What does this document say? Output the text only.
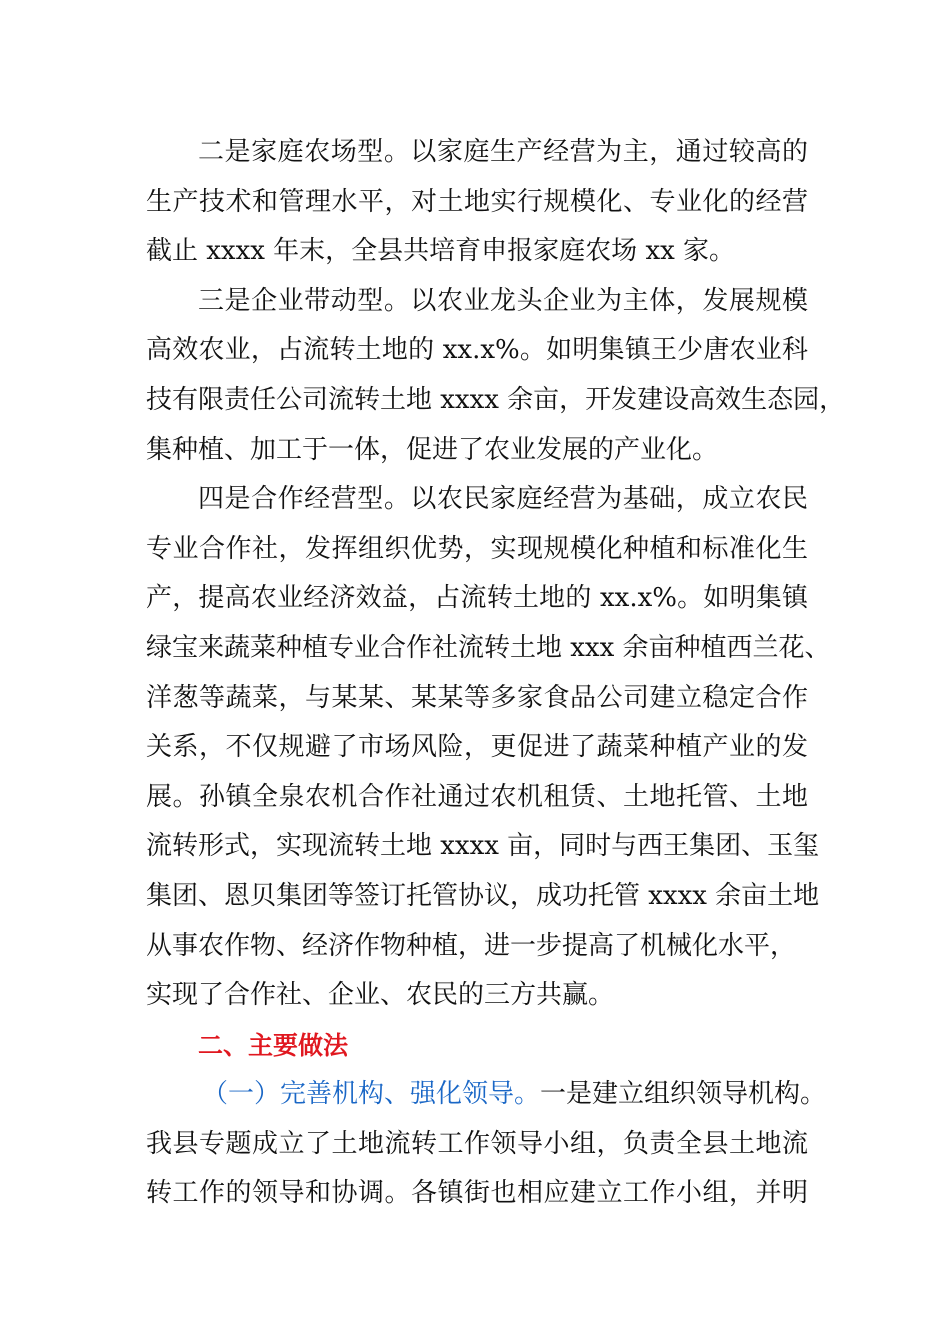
二是家庭农场型。以家庭生产经营为主，通过较高的
生产技术和管理水平，对土地实行规模化、专业化的经营
截止 xxxx 年末，全县共培育申报家庭农场 xx 家。
三是企业带动型。以农业龙头企业为主体，发展规模
高效农业，占流转土地的 xx.x%。如明集镇王少唐农业科
技有限责任公司流转土地 xxxx 余亩，开发建设高效生态园，
集种植、加工于一体，促进了农业发展的产业化。
四是合作经营型。以农民家庭经营为基础，成立农民
专业合作社，发挥组织优势，实现规模化种植和标准化生
产，提高农业经济效益，占流转土地的 xx.x%。如明集镇
绿宝来蔬菜种植专业合作社流转土地 xxx 余亩种植西兰花、
洋葱等蔬菜，与某某、某某等多家食品公司建立稳定合作
关系，不仅规避了市场风险，更促进了蔬菜种植产业的发
展。孙镇全泉农机合作社通过农机租赁、土地托管、土地
流转形式，实现流转土地 xxxx 亩，同时与西王集团、玉玺
集团、恩贝集团等签订托管协议，成功托管 xxxx 余亩土地
从事农作物、经济作物种植，进一步提高了机械化水平，
实现了合作社、企业、农民的三方共赢。
二、主要做法
（一）完善机构、强化领导。一是建立组织领导机构。
我县专题成立了土地流转工作领导小组，负责全县土地流
转工作的领导和协调。各镇街也相应建立工作小组，并明
